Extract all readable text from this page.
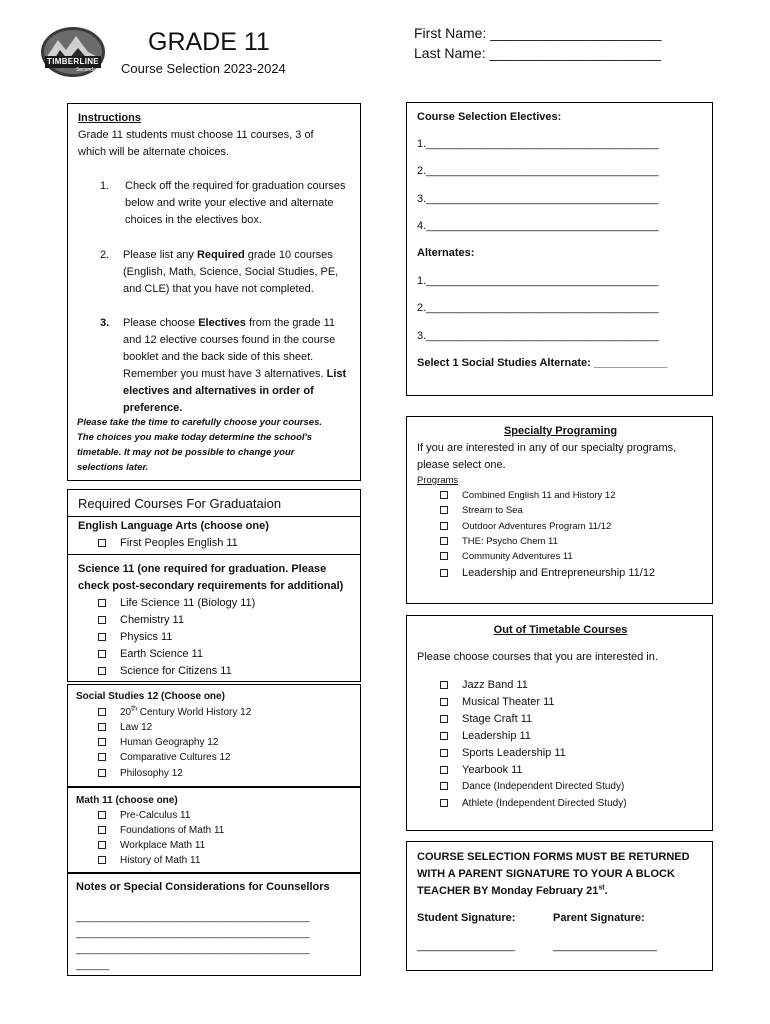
TIMBERLINE
Secondary
GRADE 11
Course Selection 2023-2024
First Name: ______________________
Last Name: ______________________
Instructions
Grade 11 students must choose 11 courses, 3 of which will be alternate choices.
1. Check off the required for graduation courses below and write your elective and alternate choices in the electives box.
2. Please list any Required grade 10 courses (English, Math, Science, Social Studies, PE, and CLE) that you have not completed.
3. Please choose Electives from the grade 11 and 12 elective courses found in the course booklet and the back side of this sheet. Remember you must have 3 alternatives. List electives and alternatives in order of preference.
Please take the time to carefully choose your courses. The choices you make today determine the school's timetable. It may not be possible to change your selections later.
Required Courses For Graduataion
English Language Arts (choose one)
First Peoples English 11
Science 11 (one required for graduation. Please check post-secondary requirements for additional)
Life Science 11 (Biology 11)
Chemistry 11
Physics 11
Earth Science 11
Science for Citizens 11
Social Studies 12 (Choose one)
20th Century World History 12
Law 12
Human Geography 12
Comparative Cultures 12
Philosophy 12
Math 11 (choose one)
Pre-Calculus 11
Foundations of Math 11
Workplace Math 11
History of Math 11
Notes or Special Considerations for Counsellors
__________________________________________
__________________________________________
__________________________________________
______
Course Selection Electives:
1.______________________________________
2.______________________________________
3.______________________________________
4.______________________________________
Alternates:
1.______________________________________
2.______________________________________
3.______________________________________
Select 1 Social Studies Alternate: ____________
Specialty Programing
If you are interested in any of our specialty programs, please select one.
Programs
Combined English 11 and History 12
Stream to Sea
Outdoor Adventures Program 11/12
THE: Psycho Chem 11
Community Adventures 11
Leadership and Entrepreneurship 11/12
Out of Timetable Courses
Please choose courses that you are interested in.
Jazz Band 11
Musical Theater 11
Stage Craft 11
Leadership 11
Sports Leadership 11
Yearbook 11
Dance (Independent Directed Study)
Athlete (Independent Directed Study)
COURSE SELECTION FORMS MUST BE RETURNED WITH A PARENT SIGNATURE TO YOUR A BLOCK TEACHER BY Monday February 21st.
Student Signature:	Parent Signature:
________________	_________________
